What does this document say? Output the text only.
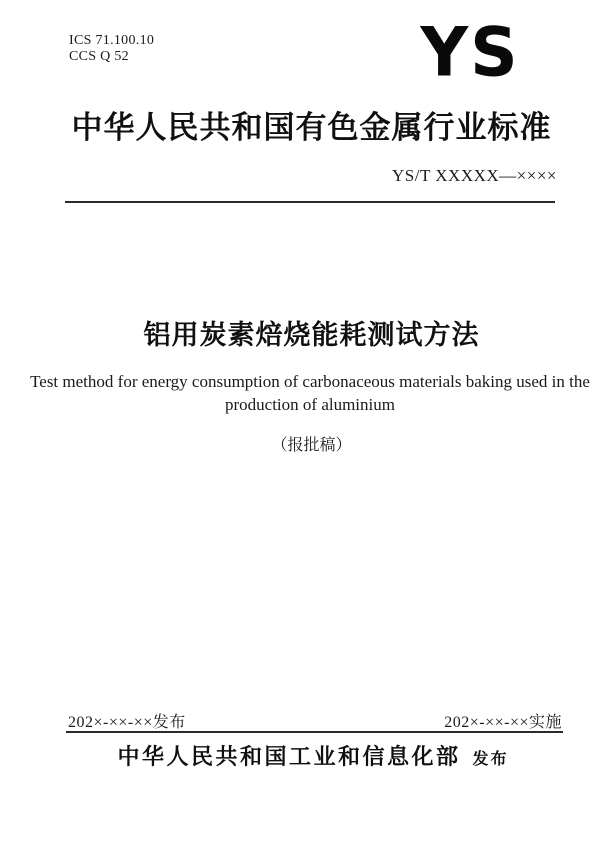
ICS 71.100.10
CCS Q 52	YS
中华人民共和国有色金属行业标准
YS/T XXXXX—××××
铝用炭素焙烧能耗测试方法
Test method for energy consumption of carbonaceous materials baking used in the
production of aluminium
（报批稿）
202×-××-××发布	202×-××-××实施
中华人民共和国工业和信息化部 发布
